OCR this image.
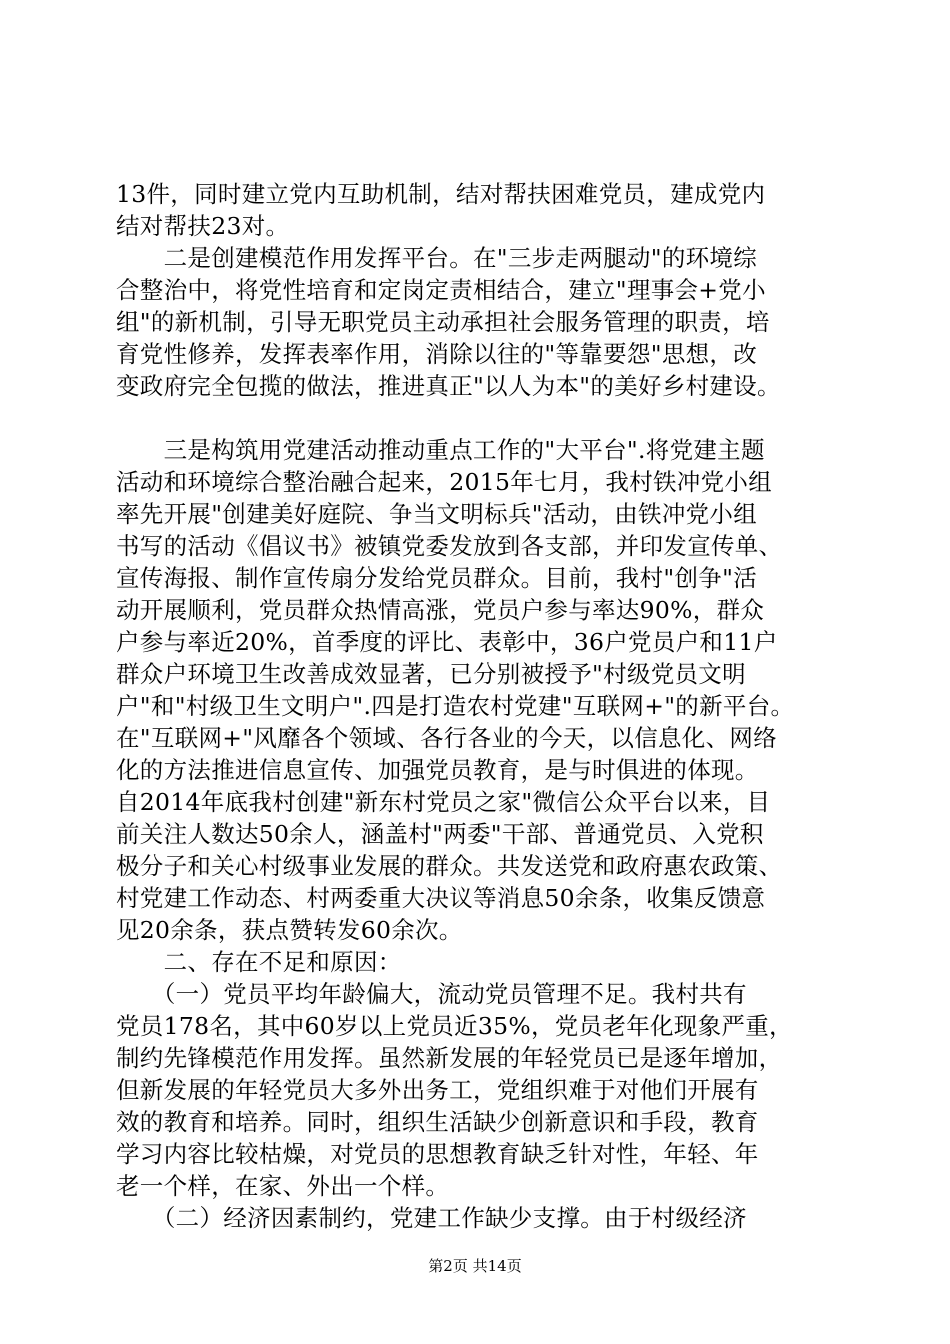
13件，同时建立党内互助机制，结对帮扶困难党员，建成党内
结对帮扶23对。
　　二是创建模范作用发挥平台。在"三步走两腿动"的环境综
合整治中，将党性培育和定岗定责相结合，建立"理事会+党小
组"的新机制，引导无职党员主动承担社会服务管理的职责，培
育党性修养，发挥表率作用，消除以往的"等靠要怨"思想，改
变政府完全包揽的做法，推进真正"以人为本"的美好乡村建设。
　　三是构筑用党建活动推动重点工作的"大平台".将党建主题
活动和环境综合整治融合起来，2015年七月，我村铁冲党小组
率先开展"创建美好庭院、争当文明标兵"活动，由铁冲党小组
书写的活动《倡议书》被镇党委发放到各支部，并印发宣传单、
宣传海报、制作宣传扇分发给党员群众。目前，我村"创争"活
动开展顺利，党员群众热情高涨，党员户参与率达90%，群众
户参与率近20%，首季度的评比、表彰中，36户党员户和11户
群众户环境卫生改善成效显著，已分别被授予"村级党员文明
户"和"村级卫生文明户".四是打造农村党建"互联网+"的新平台。
在"互联网+"风靡各个领域、各行各业的今天，以信息化、网络
化的方法推进信息宣传、加强党员教育，是与时俱进的体现。
自2014年底我村创建"新东村党员之家"微信公众平台以来，目
前关注人数达50余人，涵盖村"两委"干部、普通党员、入党积
极分子和关心村级事业发展的群众。共发送党和政府惠农政策、
村党建工作动态、村两委重大决议等消息50余条，收集反馈意
见20余条，获点赞转发60余次。
　　二、存在不足和原因：
　　（一）党员平均年龄偏大，流动党员管理不足。我村共有
党员178名，其中60岁以上党员近35%，党员老年化现象严重，
制约先锋模范作用发挥。虽然新发展的年轻党员已是逐年增加，
但新发展的年轻党员大多外出务工，党组织难于对他们开展有
效的教育和培养。同时，组织生活缺少创新意识和手段，教育
学习内容比较枯燥，对党员的思想教育缺乏针对性，年轻、年
老一个样，在家、外出一个样。
　　（二）经济因素制约，党建工作缺少支撑。由于村级经济
第2页 共14页
